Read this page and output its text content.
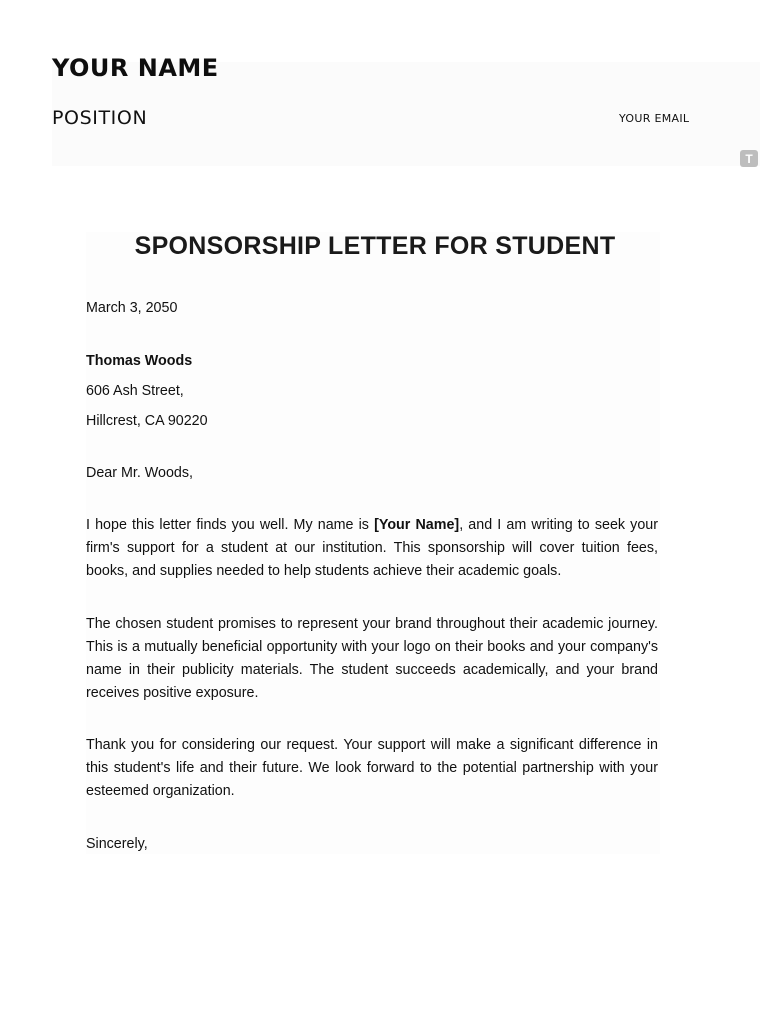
YOUR NAME
POSITION	YOUR EMAIL
T
SPONSORSHIP LETTER FOR STUDENT
March 3, 2050
Thomas Woods
606 Ash Street,
Hillcrest, CA 90220
Dear Mr. Woods,
I hope this letter finds you well. My name is [Your Name], and I am writing to seek your firm's support for a student at our institution. This sponsorship will cover tuition fees, books, and supplies needed to help students achieve their academic goals.
The chosen student promises to represent your brand throughout their academic journey. This is a mutually beneficial opportunity with your logo on their books and your company's name in their publicity materials. The student succeeds academically, and your brand receives positive exposure.
Thank you for considering our request. Your support will make a significant difference in this student's life and their future. We look forward to the potential partnership with your esteemed organization.
Sincerely,
